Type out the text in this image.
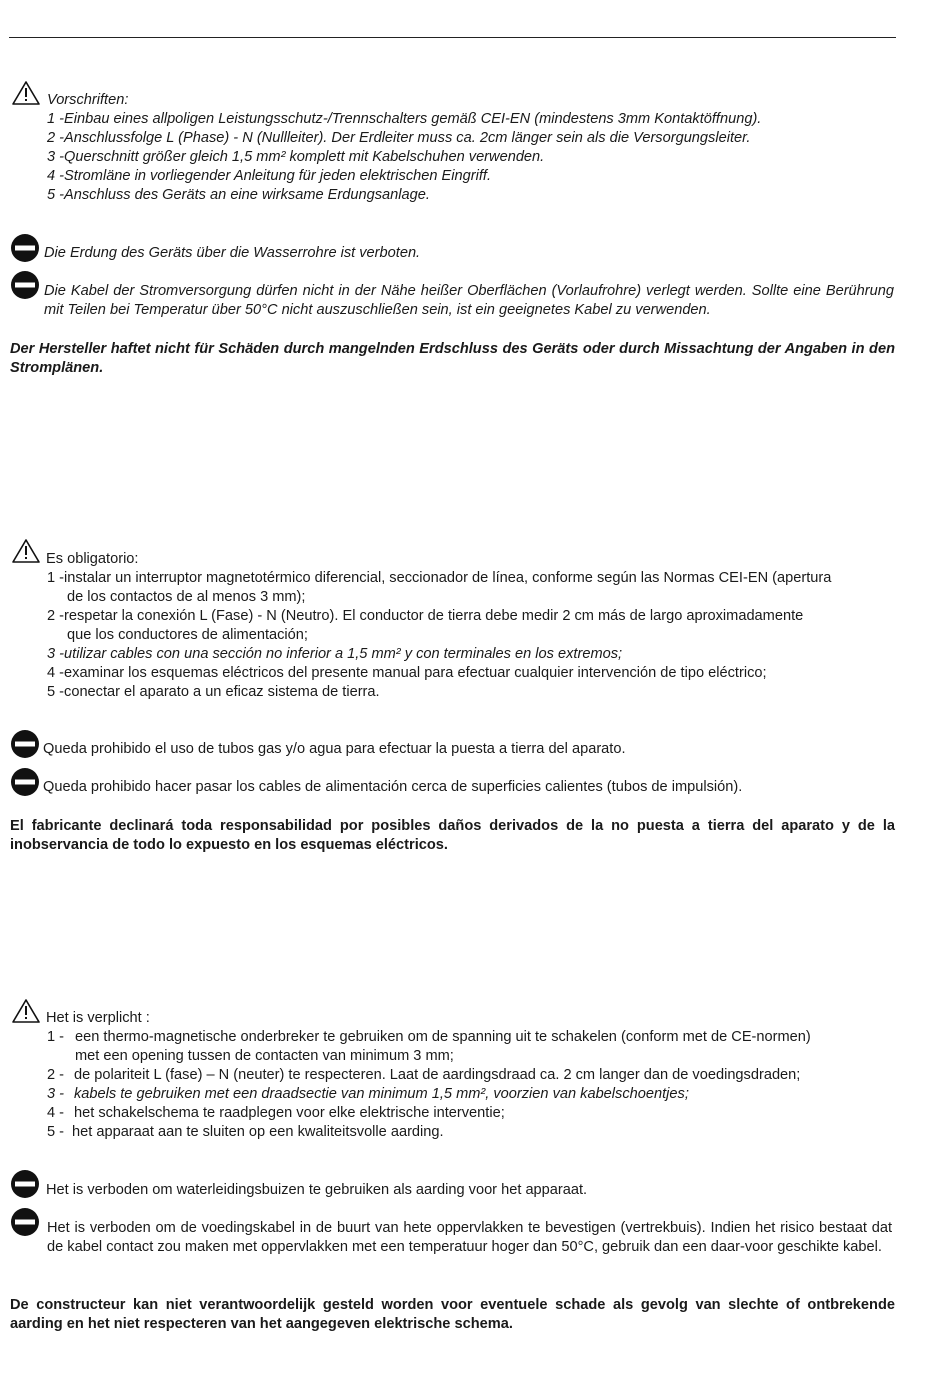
Vorschriften:
1 -Einbau eines allpoligen Leistungsschutz-/Trennschalters gemäß CEI-EN (mindestens 3mm Kontaktöffnung).
2 -Anschlussfolge L (Phase) - N (Nullleiter). Der Erdleiter muss ca. 2cm länger sein als die Versorgungsleiter.
3 -Querschnitt größer gleich 1,5 mm² komplett mit Kabelschuhen verwenden.
4 -Stromläne in vorliegender Anleitung für jeden elektrischen Eingriff.
5 -Anschluss des Geräts an eine wirksame Erdungsanlage.
Die Erdung des Geräts über die Wasserrohre ist verboten.
Die Kabel der Stromversorgung dürfen nicht in der Nähe heißer Oberflächen (Vorlaufrohre) verlegt werden. Sollte eine Berührung mit Teilen bei Temperatur über 50°C nicht auszuschließen sein, ist ein geeignetes Kabel zu verwenden.
Der Hersteller haftet nicht für Schäden durch mangelnden Erdschluss des Geräts oder durch Missachtung der Angaben in den Stromplänen.
Es obligatorio:
1 -instalar un interruptor magnetotérmico diferencial, seccionador de línea, conforme según las Normas CEI-EN (apertura
de los contactos de al menos 3 mm);
2 -respetar la conexión L (Fase) - N (Neutro). El conductor de tierra debe medir 2 cm más de largo aproximadamente
que los conductores de alimentación;
3 -utilizar cables con una sección no inferior a 1,5 mm² y con terminales en los extremos;
4 -examinar los esquemas eléctricos del presente manual para efectuar cualquier intervención de tipo eléctrico;
5 -conectar el aparato a un eficaz sistema de tierra.
Queda prohibido el uso de tubos gas y/o agua para efectuar la puesta a tierra del aparato.
Queda prohibido hacer pasar los cables de alimentación cerca de superficies calientes (tubos de impulsión).
El fabricante declinará toda responsabilidad por posibles daños derivados de la no puesta a tierra del aparato y de la inobservancia de todo lo expuesto en los esquemas eléctricos.
Het is verplicht :
1 - een thermo-magnetische onderbreker te gebruiken om de spanning uit te schakelen (conform met de CE-normen)
met een opening tussen de contacten van minimum 3 mm;
2 - de polariteit L (fase) – N (neuter) te respecteren. Laat de aardingsdraad ca. 2 cm langer dan de voedingsdraden;
3 - kabels te gebruiken met een draadsectie van minimum 1,5 mm², voorzien van kabelschoentjes;
4 - het schakelschema te raadplegen voor elke elektrische interventie;
5 - het apparaat aan te sluiten op een kwaliteitsvolle aarding.
Het is verboden om waterleidingsbuizen te gebruiken als aarding voor het apparaat.
Het is verboden om de voedingskabel in de buurt van hete oppervlakken te bevestigen (vertrekbuis). Indien het risico bestaat dat de kabel contact zou maken met oppervlakken met een temperatuur hoger dan 50°C, gebruik dan een daar-voor geschikte kabel.
De constructeur kan niet verantwoordelijk gesteld worden voor eventuele schade als gevolg van slechte of ontbrekende aarding en het niet respecteren van het aangegeven elektrische schema.
